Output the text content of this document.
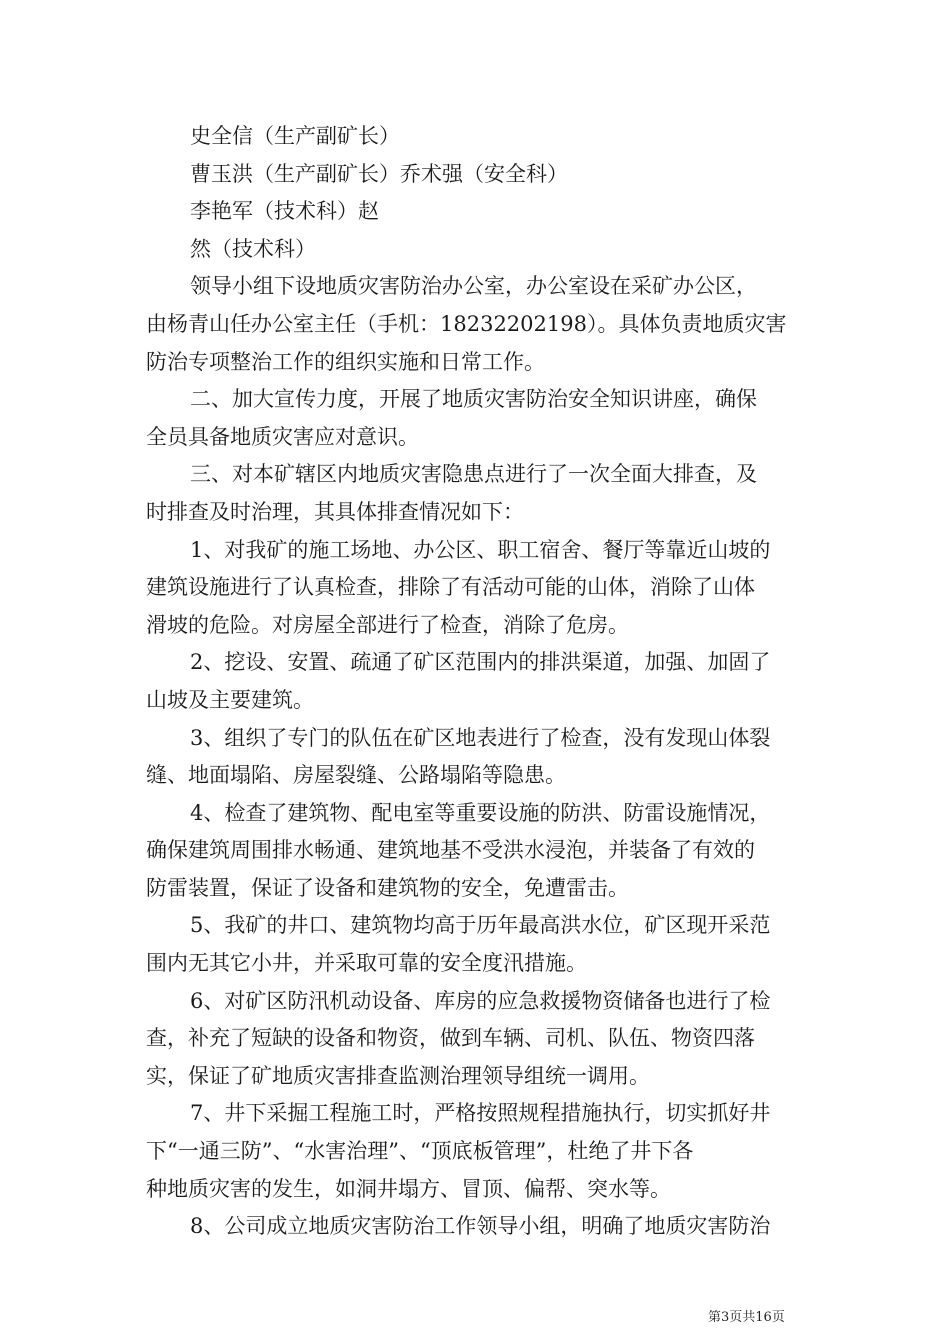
史全信（生产副矿长）
曹玉洪（生产副矿长）乔术强（安全科）
李艳军（技术科）赵
然（技术科）
领导小组下设地质灾害防治办公室，办公室设在采矿办公区，
由杨青山任办公室主任（手机：18232202198）。具体负责地质灾害
防治专项整治工作的组织实施和日常工作。
二、加大宣传力度，开展了地质灾害防治安全知识讲座，确保
全员具备地质灾害应对意识。
三、对本矿辖区内地质灾害隐患点进行了一次全面大排查，及
时排查及时治理，其具体排查情况如下：
1、对我矿的施工场地、办公区、职工宿舍、餐厅等靠近山坡的
建筑设施进行了认真检查，排除了有活动可能的山体，消除了山体
滑坡的危险。对房屋全部进行了检查，消除了危房。
2、挖设、安置、疏通了矿区范围内的排洪渠道，加强、加固了
山坡及主要建筑。
3、组织了专门的队伍在矿区地表进行了检查，没有发现山体裂
缝、地面塌陷、房屋裂缝、公路塌陷等隐患。
4、检查了建筑物、配电室等重要设施的防洪、防雷设施情况，
确保建筑周围排水畅通、建筑地基不受洪水浸泡，并装备了有效的
防雷装置，保证了设备和建筑物的安全，免遭雷击。
5、我矿的井口、建筑物均高于历年最高洪水位，矿区现开采范
围内无其它小井，并采取可靠的安全度汛措施。
6、对矿区防汛机动设备、库房的应急救援物资储备也进行了检
查，补充了短缺的设备和物资，做到车辆、司机、队伍、物资四落
实，保证了矿地质灾害排查监测治理领导组统一调用。
7、井下采掘工程施工时，严格按照规程措施执行，切实抓好井
下“一通三防”、“水害治理”、“顶底板管理”，杜绝了井下各
种地质灾害的发生，如洞井塌方、冒顶、偏帮、突水等。
8、公司成立地质灾害防治工作领导小组，明确了地质灾害防治
第3页共16页
